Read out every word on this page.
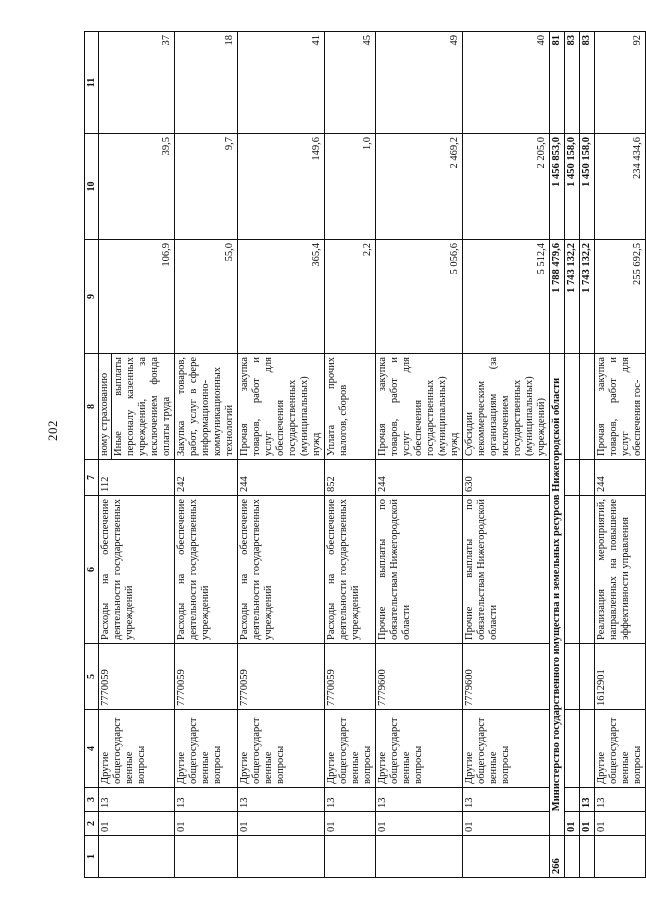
202
1	2	3	4	5	6	7	8	9	10	11
	01	13	Другие общегосударственные вопросы	7770059	Расходы на обеспечение деятельности государственных учреждений	112	ному страхованию Иные выплаты персоналу казенных учреждений, за исключением фонда оплаты труда	106,9	39,5	37
	01	13	Другие общегосударственные вопросы	7770059	Расходы на обеспечение деятельности государственных учреждений	242	Закупка товаров, работ, услуг в сфере информационно-коммуникационных технологий	55,0	9,7	18
	01	13	Другие общегосударственные вопросы	7770059	Расходы на обеспечение деятельности государственных учреждений	244	Прочая закупка товаров, работ и услуг для обеспечения государственных (муниципальных) нужд	365,4	149,6	41
	01	13	Другие общегосударственные вопросы	7770059	Расходы на обеспечение деятельности государственных учреждений	852	Уплата прочих налогов, сборов	2,2	1,0	45
	01	13	Другие общегосударственные вопросы	7779600	Прочие выплаты по обязательствам Нижегородской области	244	Прочая закупка товаров, работ и услуг для обеспечения государственных (муниципальных) нужд	5 056,6	2 469,2	49
	01	13	Другие общегосударственные вопросы	7779600	Прочие выплаты по обязательствам Нижегородской области	630	Субсидии некоммерческим организациям (за исключением государственных (муниципальных) учреждений)	5 512,4	2 205,0	40
266	Министерство государственного имущества и земельных ресурсов Нижегородской области							1 788 479,6	1 456 853,0	81
	01							1 743 132,2	1 450 158,0	83
	01	13						1 743 132,2	1 450 158,0	83
	01	13	Другие общегосударственные вопросы	1612901	Реализация мероприятий, направленных на повышение эффективности управления	244	Прочая закупка товаров, работ и услуг для обеспечения гос-	255 692,5	234 434,6	92
